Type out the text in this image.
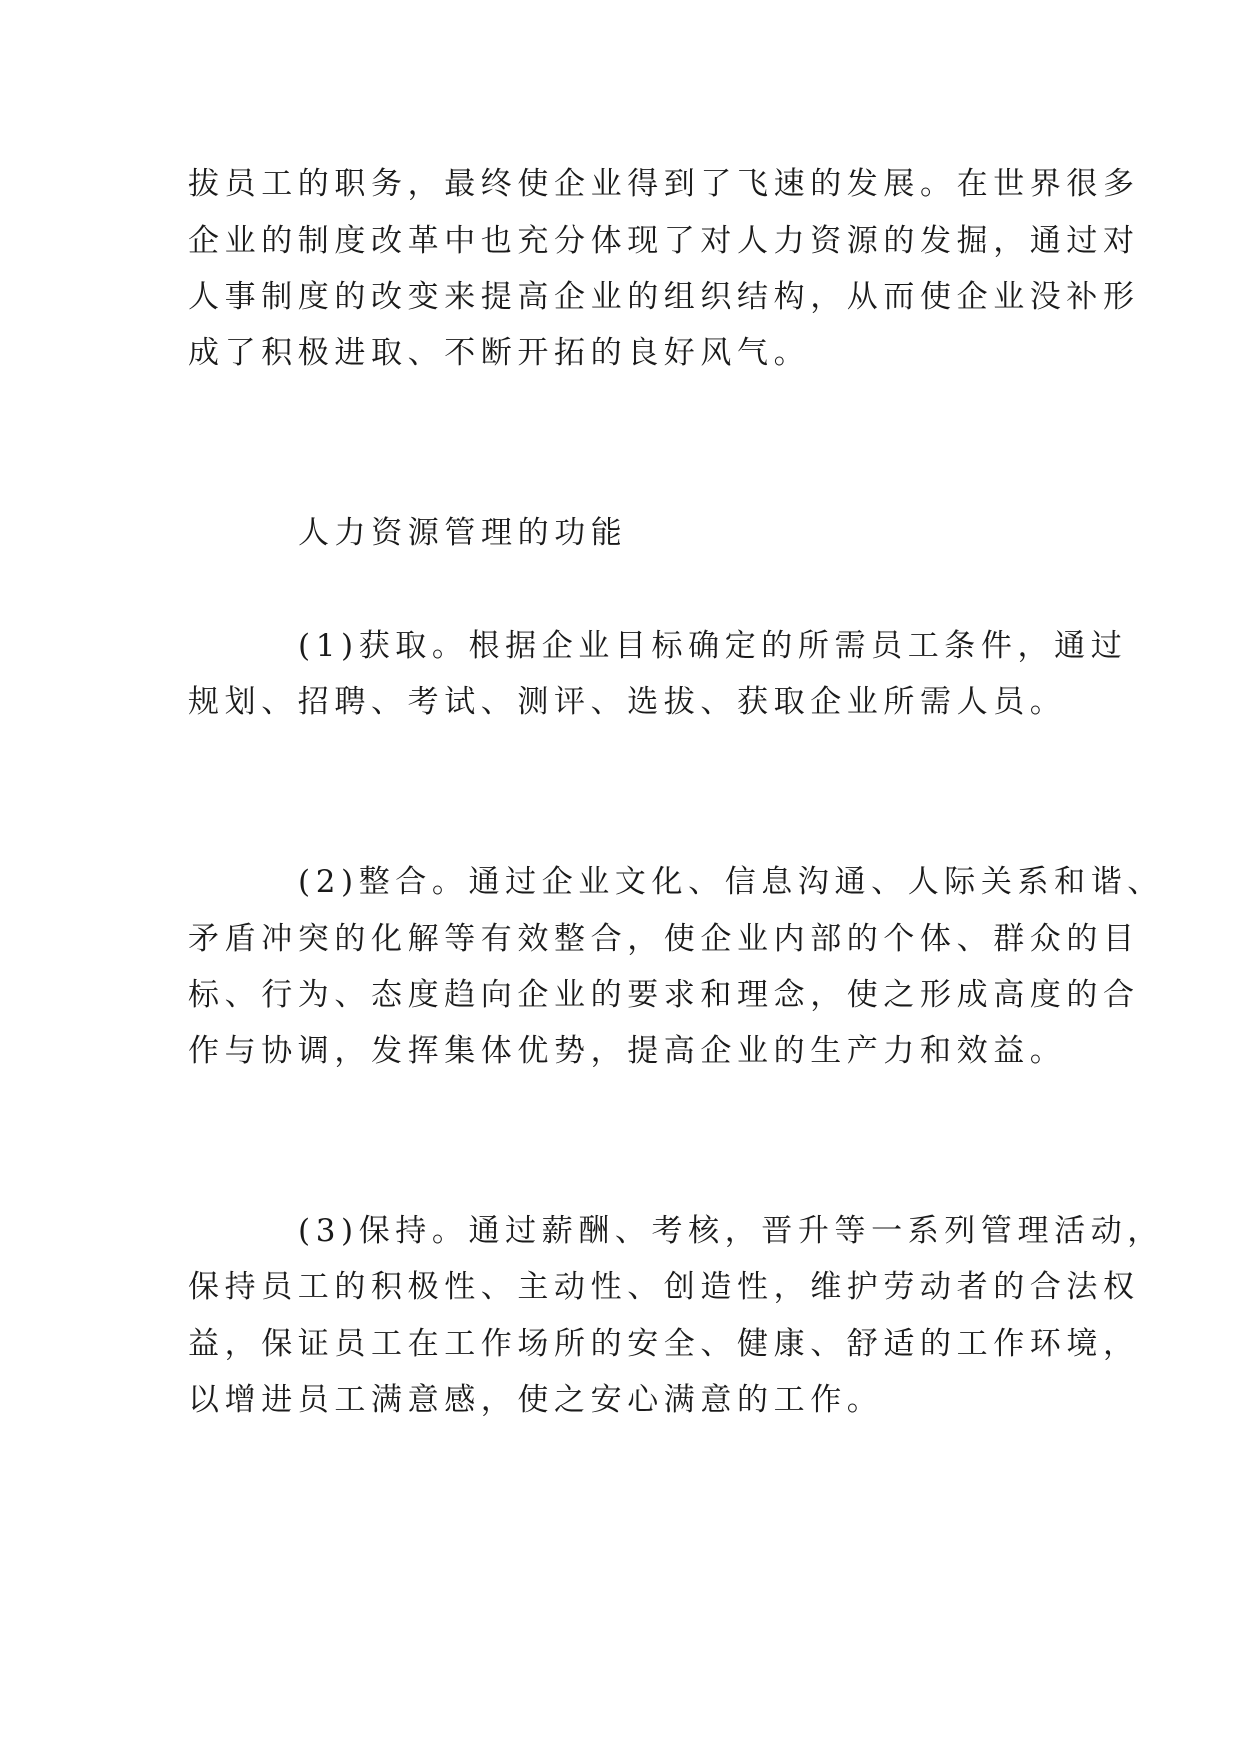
拔员工的职务，最终使企业得到了飞速的发展。在世界很多
企业的制度改革中也充分体现了对人力资源的发掘，通过对
人事制度的改变来提高企业的组织结构，从而使企业没补形
成了积极进取、不断开拓的良好风气。
人力资源管理的功能
(1)获取。根据企业目标确定的所需员工条件，通过
规划、招聘、考试、测评、选拔、获取企业所需人员。
(2)整合。通过企业文化、信息沟通、人际关系和谐、
矛盾冲突的化解等有效整合，使企业内部的个体、群众的目
标、行为、态度趋向企业的要求和理念，使之形成高度的合
作与协调，发挥集体优势，提高企业的生产力和效益。
(3)保持。通过薪酬、考核，晋升等一系列管理活动，
保持员工的积极性、主动性、创造性，维护劳动者的合法权
益，保证员工在工作场所的安全、健康、舒适的工作环境，
以增进员工满意感，使之安心满意的工作。
